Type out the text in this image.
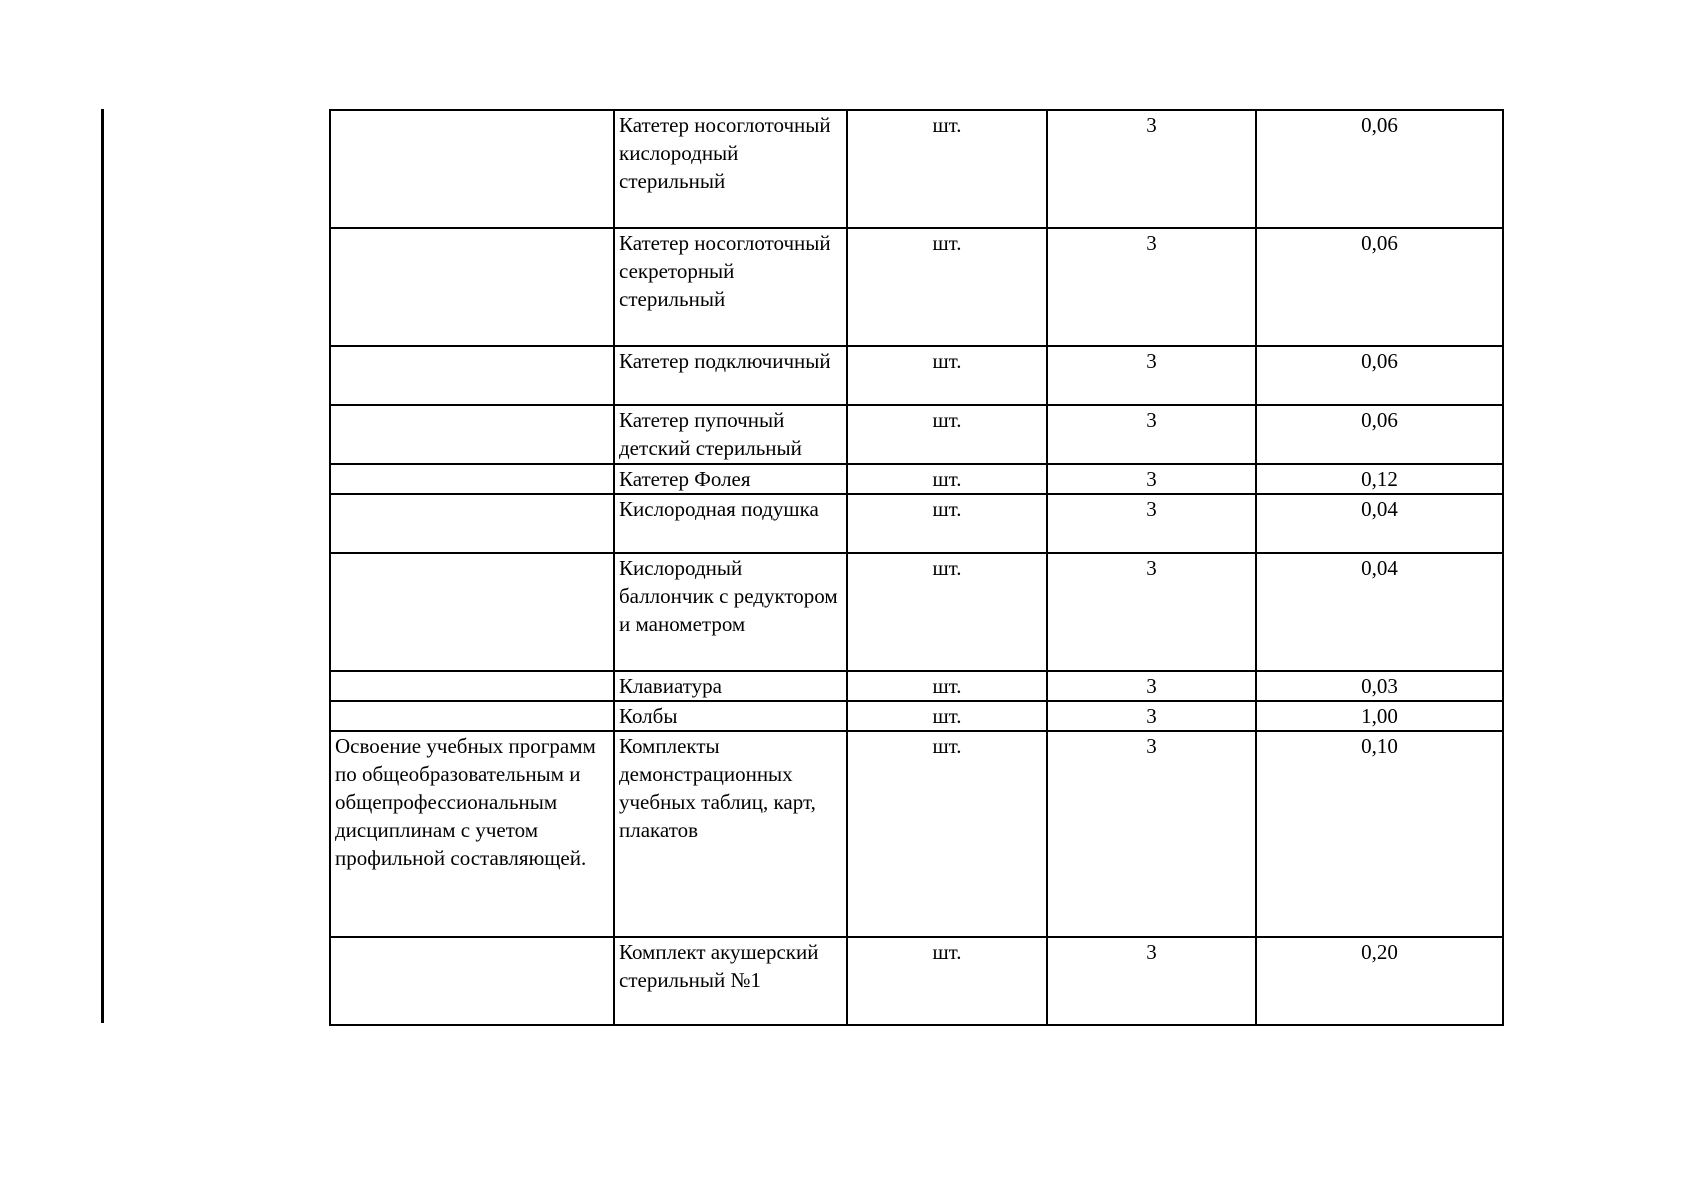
	Катетер носоглоточный кислородный стерильный	шт.	3	0,06
	Катетер носоглоточный секреторный стерильный	шт.	3	0,06
	Катетер подключичный	шт.	3	0,06
	Катетер пупочный детский стерильный	шт.	3	0,06
	Катетер Фолея	шт.	3	0,12
	Кислородная подушка	шт.	3	0,04
	Кислородный баллончик с редуктором и манометром	шт.	3	0,04
	Клавиатура	шт.	3	0,03
	Колбы	шт.	3	1,00
Освоение учебных программ по общеобразовательным и общепрофессиональным дисциплинам с учетом профильной составляющей.	Комплекты демонстрационных учебных таблиц, карт, плакатов	шт.	3	0,10
	Комплект акушерский стерильный №1	шт.	3	0,20
